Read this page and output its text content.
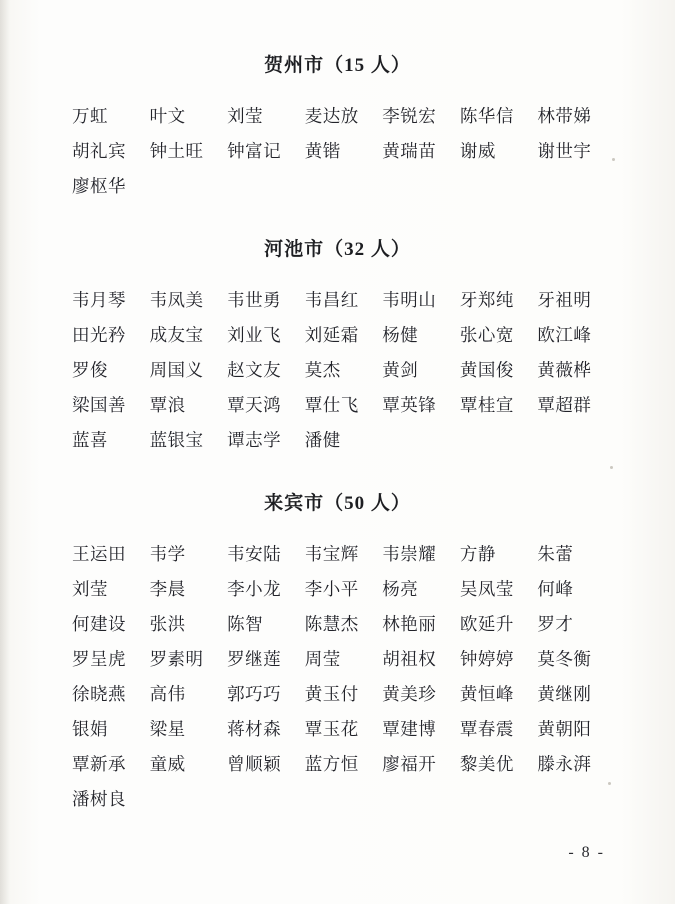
贺州市（15 人）
万虹	叶文	刘莹	麦达放	李锐宏	陈华信	林带娣
胡礼宾	钟土旺	钟富记	黄锴	黄瑞苗	谢威	谢世宇
廖枢华
河池市（32 人）
韦月琴	韦凤美	韦世勇	韦昌红	韦明山	牙郑纯	牙祖明
田光矜	成友宝	刘业飞	刘延霜	杨健	张心宽	欧江峰
罗俊	周国义	赵文友	莫杰	黄剑	黄国俊	黄薇桦
梁国善	覃浪	覃天鸿	覃仕飞	覃英锋	覃桂宣	覃超群
蓝喜	蓝银宝	谭志学	潘健
来宾市（50 人）
王运田	韦学	韦安陆	韦宝辉	韦崇耀	方静	朱蕾
刘莹	李晨	李小龙	李小平	杨亮	吴凤莹	何峰
何建设	张洪	陈智	陈慧杰	林艳丽	欧延升	罗才
罗呈虎	罗素明	罗继莲	周莹	胡祖权	钟婷婷	莫冬衡
徐晓燕	高伟	郭巧巧	黄玉付	黄美珍	黄恒峰	黄继刚
银娟	梁星	蒋材森	覃玉花	覃建博	覃春震	黄朝阳
覃新承	童威	曾顺颖	蓝方恒	廖福开	黎美优	滕永湃
潘树良
- 8 -
